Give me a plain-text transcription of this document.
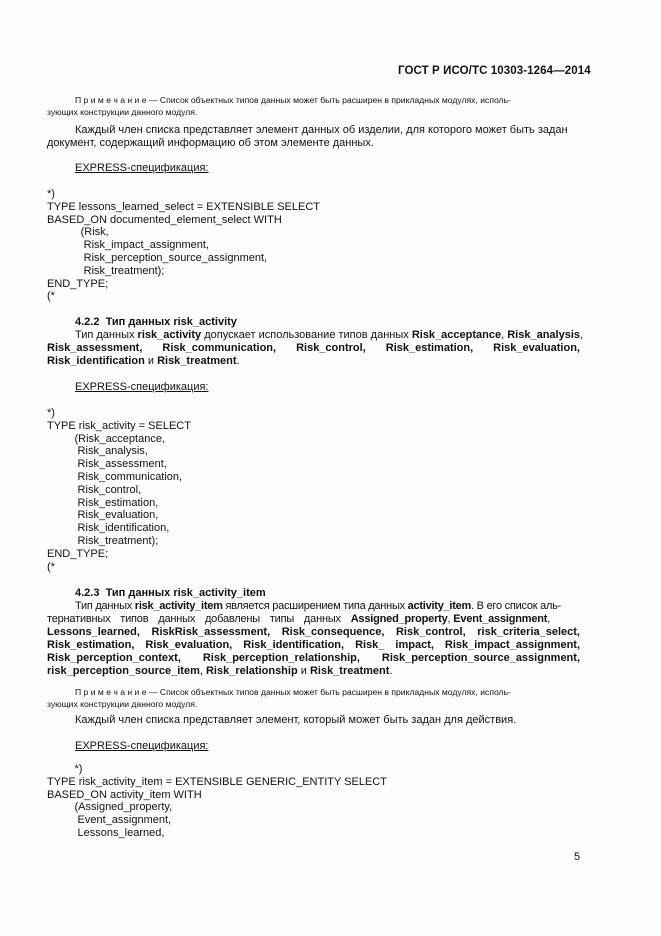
ГОСТ Р ИСО/ТС 10303-1264—2014
П р и м е ч а н и е — Список объектных типов данных может быть расширен в прикладных модулях, исполь-
зующих конструкции данного модуля.
Каждый член списка представляет элемент данных об изделии, для которого может быть задан
документ, содержащий информацию об этом элементе данных.
EXPRESS-спецификация:
*)
TYPE lessons_learned_select = EXTENSIBLE SELECT
BASED_ON documented_element_select WITH
(Risk,
Risk_impact_assignment,
Risk_perception_source_assignment,
Risk_treatment);
END_TYPE;
(*
4.2.2 Тип данных risk_activity
Тип данных risk_activity допускает использование типов данных Risk_acceptance, Risk_analysis,
Risk_assessment, Risk_communication, Risk_control, Risk_estimation, Risk_evaluation,
Risk_identification и Risk_treatment.
EXPRESS-спецификация:
*)
TYPE risk_activity = SELECT
(Risk_acceptance,
Risk_analysis,
Risk_assessment,
Risk_communication,
Risk_control,
Risk_estimation,
Risk_evaluation,
Risk_identification,
Risk_treatment);
END_TYPE;
(*
4.2.3 Тип данных risk_activity_item
Тип данных risk_activity_item является расширением типа данных activity_item. В его список аль-
тернативных типов данных добавлены типы данных Assigned_property, Event_assignment,
Lessons_learned, RiskRisk_assessment, Risk_consequence, Risk_control, risk_criteria_select,
Risk_estimation, Risk_evaluation, Risk_identification, Risk_ impact, Risk_impact_assignment,
Risk_perception_context, Risk_perception_relationship, Risk_perception_source_assignment,
risk_perception_source_item, Risk_relationship и Risk_treatment.
П р и м е ч а н и е — Список объектных типов данных может быть расширен в прикладных модулях, исполь-
зующих конструкции данного модуля.
Каждый член списка представляет элемент, который может быть задан для действия.
EXPRESS-спецификация:
*)
TYPE risk_activity_item = EXTENSIBLE GENERIC_ENTITY SELECT
BASED_ON activity_item WITH
(Assigned_property,
Event_assignment,
Lessons_learned,
5
